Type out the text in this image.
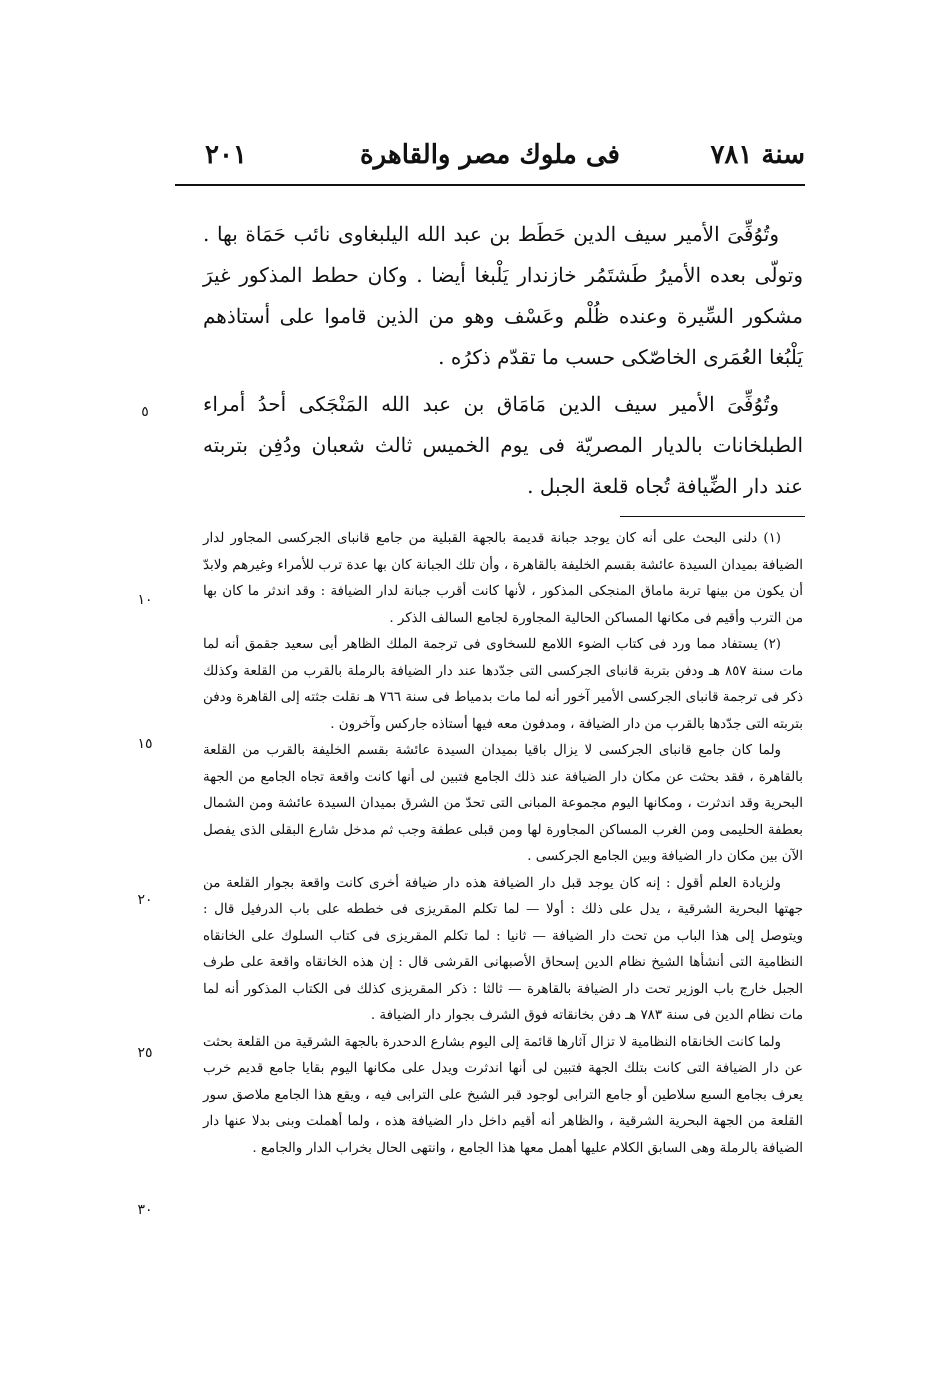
سنة ٧٨١
فى ملوك مصر والقاهرة
٢٠١

وتُوُفِّىَ الأمير سيف الدين حَطَط بن عبد الله اليلبغاوى نائب حَمَاة بها . وتولّى بعده الأميرُ طَشتَمُر خازندار يَلْبغا أيضا . وكان حطط المذكور غيرَ مشكور السِّيرة وعنده ظُلْم وعَسْف وهو من الذين قاموا على أستاذهم يَلْبُغا العُمَرى الخاصّكى حسب ما تقدّم ذكرُه .

وتُوُفِّىَ الأمير سيف الدين مَامَاق بن عبد الله المَنْجَكى أحدُ أمراء الطبلخانات بالديار المصريّة فى يوم الخميس ثالث شعبان ودُفِن بتربته عند دار الضِّيافة تُجاه قلعة الجبل .

(١) دلنى البحث على أنه كان يوجد جبانة قديمة بالجهة القبلية من جامع قانباى الجركسى المجاور لدار الضيافة بميدان السيدة عائشة بقسم الخليفة بالقاهرة ، وأن تلك الجبانة كان بها عدة ترب للأمراء وغيرهم ولابدّ أن يكون من بينها تربة ماماق المنجكى المذكور ، لأنها كانت أقرب جبانة لدار الضيافة : وقد اندثر ما كان بها من الترب وأقيم فى مكانها المساكن الحالية المجاورة لجامع السالف الذكر .

(٢) يستفاد مما ورد فى كتاب الضوء اللامع للسخاوى فى ترجمة الملك الظاهر أبى سعيد جقمق أنه لما مات سنة ٨٥٧ هـ ودفن بتربة قانباى الجركسى التى جدّدها عند دار الضيافة بالرملة بالقرب من القلعة وكذلك ذكر فى ترجمة قانباى الجركسى الأمير آخور أنه لما مات بدمياط فى سنة ٧٦٦ هـ نقلت جثته إلى القاهرة ودفن بتربته التى جدّدها بالقرب من دار الضيافة ، ومدفون معه فيها أستاذه جاركس وآخرون .

ولما كان جامع قانباى الجركسى لا يزال باقيا بميدان السيدة عائشة بقسم الخليفة بالقرب من القلعة بالقاهرة ، فقد بحثت عن مكان دار الضيافة عند ذلك الجامع فتبين لى أنها كانت واقعة تجاه الجامع من الجهة البحرية وقد اندثرت ، ومكانها اليوم مجموعة المبانى التى تحدّ من الشرق بميدان السيدة عائشة ومن الشمال بعطفة الحليمى ومن الغرب المساكن المجاورة لها ومن قبلى عطفة وجب ثم مدخل شارع البقلى الذى يفصل الآن بين مكان دار الضيافة وبين الجامع الجركسى .

ولزيادة العلم أقول : إنه كان يوجد قبل دار الضيافة هذه دار ضيافة أخرى كانت واقعة بجوار القلعة من جهتها البحرية الشرقية ، يدل على ذلك : أولا — لما تكلم المقريزى فى خططه على باب الدرفيل قال : ويتوصل إلى هذا الباب من تحت دار الضيافة — ثانيا : لما تكلم المقريزى فى كتاب السلوك على الخانقاه النظامية التى أنشأها الشيخ نظام الدين إسحاق الأصبهانى القرشى قال : إن هذه الخانقاه واقعة على طرف الجبل خارج باب الوزير تحت دار الضيافة بالقاهرة — ثالثا : ذكر المقريزى كذلك فى الكتاب المذكور أنه لما مات نظام الدين فى سنة ٧٨٣ هـ دفن بخانقاته فوق الشرف بجوار دار الضيافة .

ولما كانت الخانقاه النظامية لا تزال آثارها قائمة إلى اليوم بشارع الدحدرة بالجهة الشرقية من القلعة بحثت عن دار الضيافة التى كانت بتلك الجهة فتبين لى أنها اندثرت ويدل على مكانها اليوم بقايا جامع قديم خرب يعرف بجامع السبع سلاطين أو جامع الترابى لوجود قبر الشيخ على الترابى فيه ، ويقع هذا الجامع ملاصق سور القلعة من الجهة البحرية الشرقية ، والظاهر أنه أقيم داخل دار الضيافة هذه ، ولما أهملت وبنى بدلا عنها دار الضيافة بالرملة وهى السابق الكلام عليها أهمل معها هذا الجامع ، وانتهى الحال بخراب الدار والجامع .

٥
١٠
١٥
٢٠
٢٥
٣٠
